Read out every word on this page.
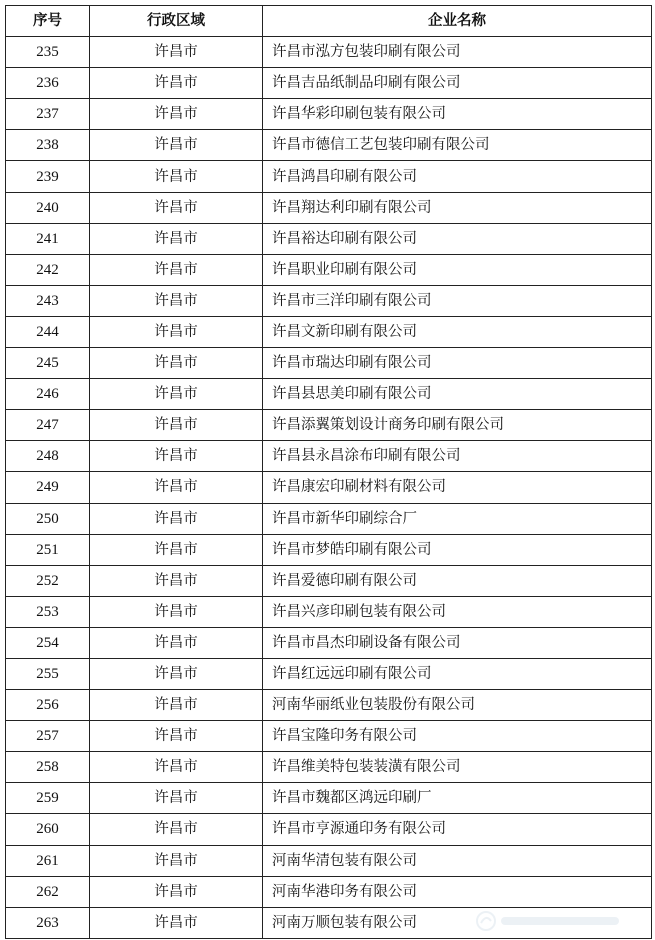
序号	行政区域	企业名称
235	许昌市	许昌市泓方包装印刷有限公司
236	许昌市	许昌吉品纸制品印刷有限公司
237	许昌市	许昌华彩印刷包装有限公司
238	许昌市	许昌市德信工艺包装印刷有限公司
239	许昌市	许昌鸿昌印刷有限公司
240	许昌市	许昌翔达利印刷有限公司
241	许昌市	许昌裕达印刷有限公司
242	许昌市	许昌职业印刷有限公司
243	许昌市	许昌市三洋印刷有限公司
244	许昌市	许昌文新印刷有限公司
245	许昌市	许昌市瑞达印刷有限公司
246	许昌市	许昌县思美印刷有限公司
247	许昌市	许昌添翼策划设计商务印刷有限公司
248	许昌市	许昌县永昌涂布印刷有限公司
249	许昌市	许昌康宏印刷材料有限公司
250	许昌市	许昌市新华印刷综合厂
251	许昌市	许昌市梦皓印刷有限公司
252	许昌市	许昌爱德印刷有限公司
253	许昌市	许昌兴彦印刷包装有限公司
254	许昌市	许昌市昌杰印刷设备有限公司
255	许昌市	许昌红远远印刷有限公司
256	许昌市	河南华丽纸业包装股份有限公司
257	许昌市	许昌宝隆印务有限公司
258	许昌市	许昌维美特包装装潢有限公司
259	许昌市	许昌市魏都区鸿远印刷厂
260	许昌市	许昌市亨源通印务有限公司
261	许昌市	河南华清包装有限公司
262	许昌市	河南华港印务有限公司
263	许昌市	河南万顺包装有限公司
